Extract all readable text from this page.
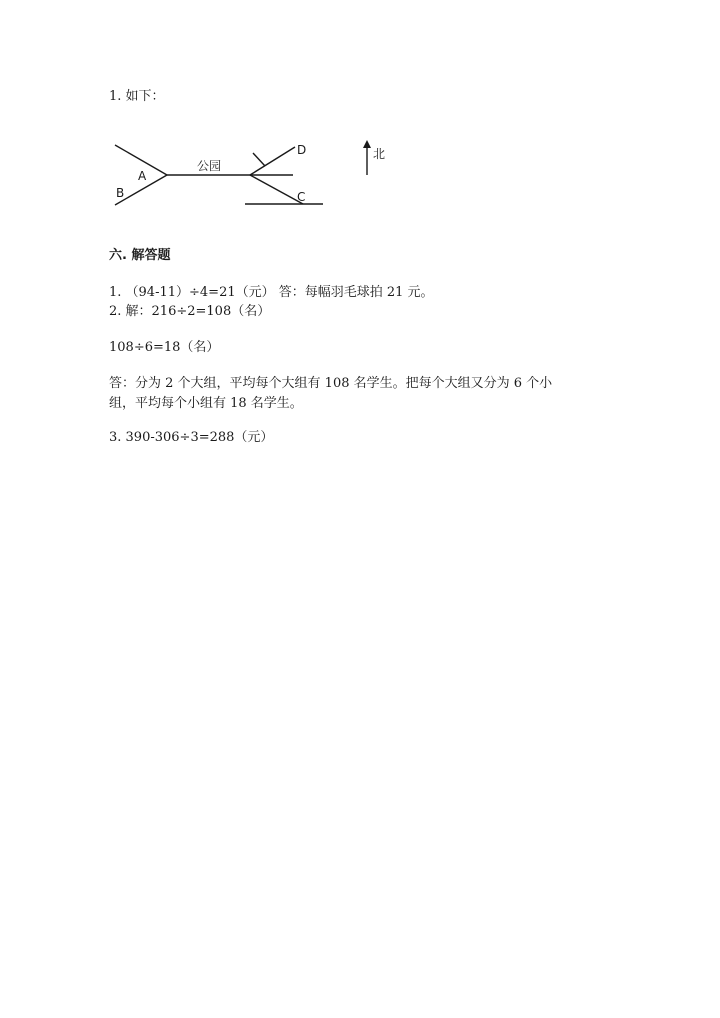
1. 如下：
A
B
公园
D
C
北
六. 解答题
1. （94-11）÷4=21（元） 答：每幅羽毛球拍 21 元。
2. 解：216÷2=108（名）
108÷6=18（名）
答：分为 2 个大组，平均每个大组有 108 名学生。把每个大组又分为 6 个小
组，平均每个小组有 18 名学生。
3. 390-306÷3=288（元）
